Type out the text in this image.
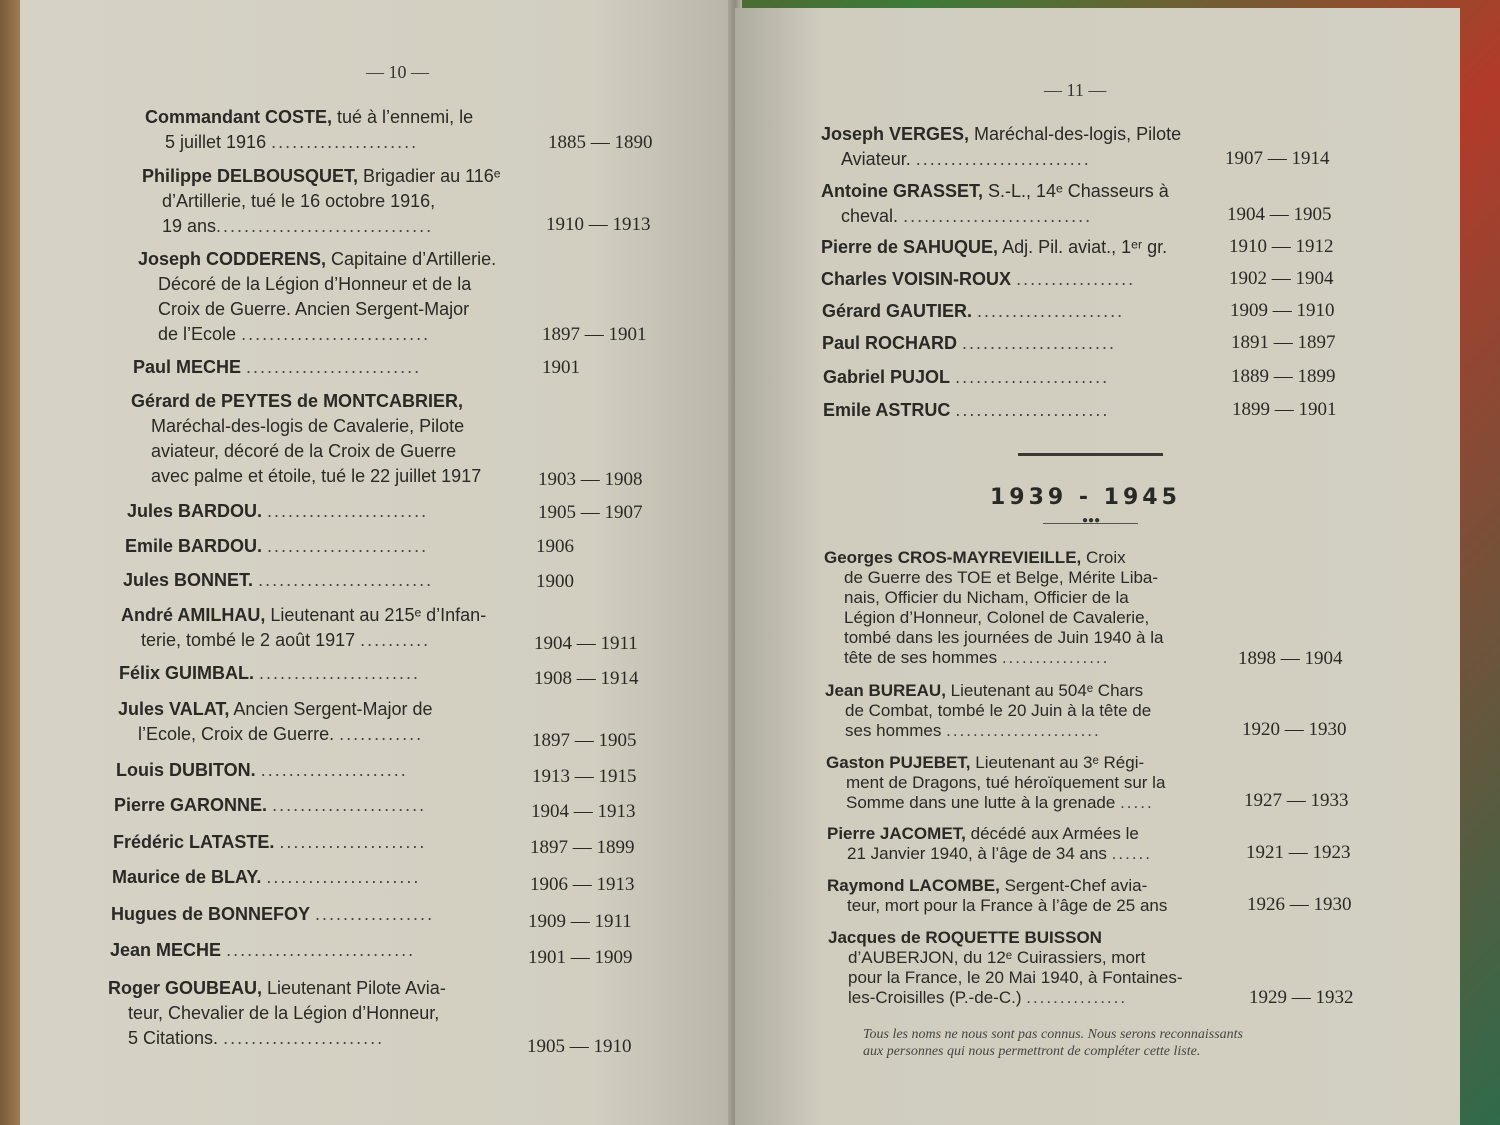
— 10 —
Commandant COSTE, tué à l’ennemi, le
5 juillet 1916 .....................	1885 — 1890
Philippe DELBOUSQUET, Brigadier au 116ᵉ
d’Artillerie, tué le 16 octobre 1916,
19 ans...............................	1910 — 1913
Joseph CODDERENS, Capitaine d’Artillerie.
Décoré de la Légion d’Honneur et de la
Croix de Guerre. Ancien Sergent-Major
de l’Ecole ...........................	1897 — 1901
Paul MECHE .........................	1901
Gérard de PEYTES de MONTCABRIER,
Maréchal-des-logis de Cavalerie, Pilote
aviateur, décoré de la Croix de Guerre
avec palme et étoile, tué le 22 juillet 1917	1903 — 1908
Jules BARDOU. .......................	1905 — 1907
Emile BARDOU. .......................	1906
Jules BONNET. .........................	1900
André AMILHAU, Lieutenant au 215ᵉ d’Infan-
terie, tombé le 2 août 1917 ..........	1904 — 1911
Félix GUIMBAL. .......................	1908 — 1914
Jules VALAT, Ancien Sergent-Major de
l’Ecole, Croix de Guerre. ............	1897 — 1905
Louis DUBITON. .....................	1913 — 1915
Pierre GARONNE. ......................	1904 — 1913
Frédéric LATASTE. .....................	1897 — 1899
Maurice de BLAY. ......................	1906 — 1913
Hugues de BONNEFOY .................	1909 — 1911
Jean MECHE ...........................	1901 — 1909
Roger GOUBEAU, Lieutenant Pilote Avia-
teur, Chevalier de la Légion d’Honneur,
5 Citations. .......................	1905 — 1910
— 11 —
Joseph VERGES, Maréchal-des-logis, Pilote
Aviateur. .........................	1907 — 1914
Antoine GRASSET, S.-L., 14ᵉ Chasseurs à
cheval. ...........................	1904 — 1905
Pierre de SAHUQUE, Adj. Pil. aviat., 1ᵉʳ gr.	1910 — 1912
Charles VOISIN-ROUX .................	1902 — 1904
Gérard GAUTIER. .....................	1909 — 1910
Paul ROCHARD ......................	1891 — 1897
Gabriel PUJOL ......................	1889 — 1899
Emile ASTRUC ......................	1899 — 1901
1939 - 1945
●●●
Georges CROS-MAYREVIEILLE, Croix
de Guerre des TOE et Belge, Mérite Liba-
nais, Officier du Nicham, Officier de la
Légion d’Honneur, Colonel de Cavalerie,
tombé dans les journées de Juin 1940 à la
tête de ses hommes ................	1898 — 1904
Jean BUREAU, Lieutenant au 504ᵉ Chars
de Combat, tombé le 20 Juin à la tête de
ses hommes .......................	1920 — 1930
Gaston PUJEBET, Lieutenant au 3ᵉ Régi-
ment de Dragons, tué héroïquement sur la
Somme dans une lutte à la grenade .....	1927 — 1933
Pierre JACOMET, décédé aux Armées le
21 Janvier 1940, à l’âge de 34 ans ......	1921 — 1923
Raymond LACOMBE, Sergent-Chef avia-
teur, mort pour la France à l’âge de 25 ans	1926 — 1930
Jacques de ROQUETTE BUISSON
d’AUBERJON, du 12ᵉ Cuirassiers, mort
pour la France, le 20 Mai 1940, à Fontaines-
les-Croisilles (P.-de-C.) ...............	1929 — 1932
Tous les noms ne nous sont pas connus. Nous serons reconnaissants
aux personnes qui nous permettront de compléter cette liste.
